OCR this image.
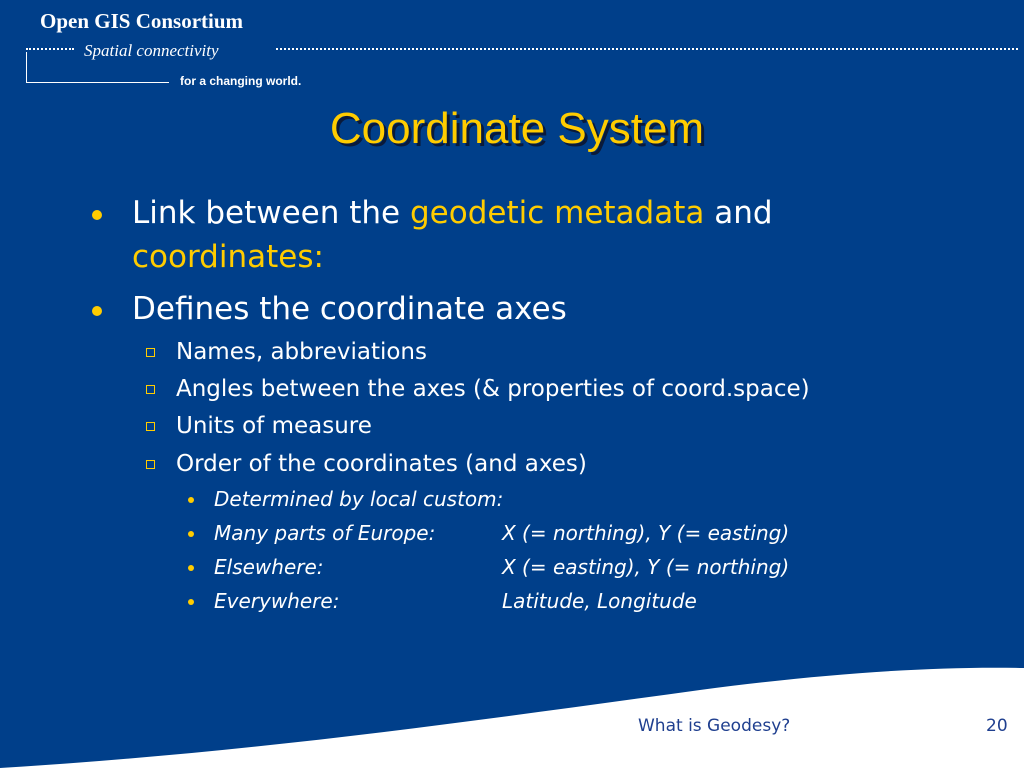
Open GIS Consortium
Spatial connectivity
for a changing world.
Coordinate System
Link between the geodetic metadata and
coordinates:
Defines the coordinate axes
Names, abbreviations
Angles between the axes (& properties of coord.space)
Units of measure
Order of the coordinates (and axes)
Determined by local custom:
Many parts of Europe:	X (= northing), Y (= easting)
Elsewhere:	X (= easting), Y (= northing)
Everywhere:	Latitude, Longitude
What is Geodesy?	20
